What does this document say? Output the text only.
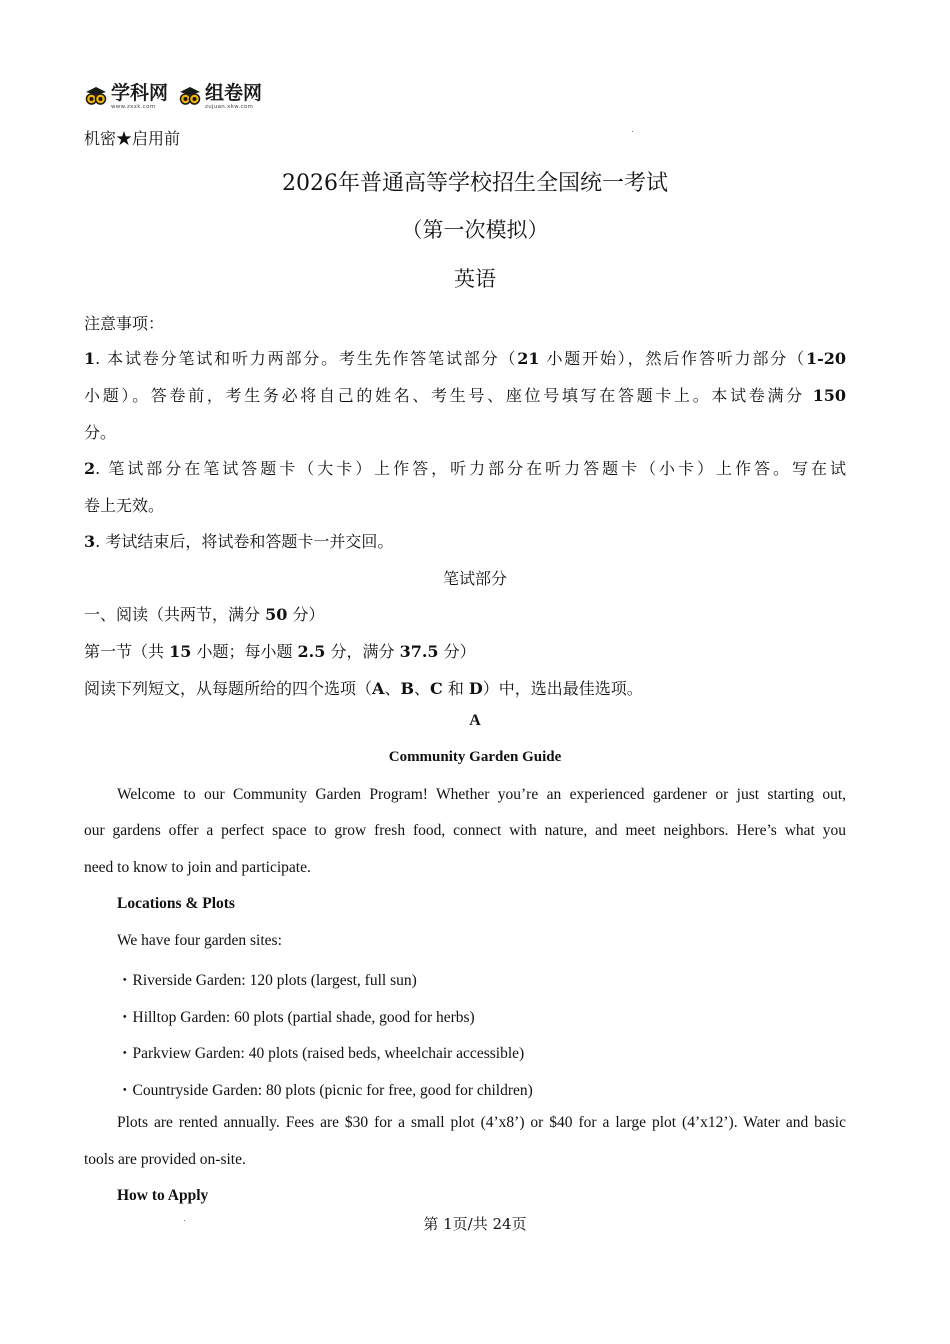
学科网
www.zxxk.com
组卷网
zujuan.xkw.com
机密★启用前
2026年普通高等学校招生全国统一考试
（第一次模拟）
英语
注意事项：
1. 本试卷分笔试和听力两部分。考生先作答笔试部分（21 小题开始），然后作答听力部分（1-20
小题）。答卷前，考生务必将自己的姓名、考生号、座位号填写在答题卡上。本试卷满分 150
分。
2. 笔试部分在笔试答题卡（大卡）上作答，听力部分在听力答题卡（小卡）上作答。写在试
卷上无效。
3. 考试结束后，将试卷和答题卡一并交回。
笔试部分
一、阅读（共两节，满分 50 分）
第一节（共 15 小题；每小题 2.5 分，满分 37.5 分）
阅读下列短文，从每题所给的四个选项（A、B、C 和 D）中，选出最佳选项。
A
Community Garden Guide
Welcome to our Community Garden Program! Whether you’re an experienced gardener or just starting out,
our gardens offer a perfect space to grow fresh food, connect with nature, and meet neighbors. Here’s what you
need to know to join and participate.
Locations & Plots
We have four garden sites:
・Riverside Garden: 120 plots (largest, full sun)
・Hilltop Garden: 60 plots (partial shade, good for herbs)
・Parkview Garden: 40 plots (raised beds, wheelchair accessible)
・Countryside Garden: 80 plots (picnic for free, good for children)
Plots are rented annually. Fees are $30 for a small plot (4’x8’) or $40 for a large plot (4’x12’). Water and basic
tools are provided on-site.
How to Apply
第 1页/共 24页
